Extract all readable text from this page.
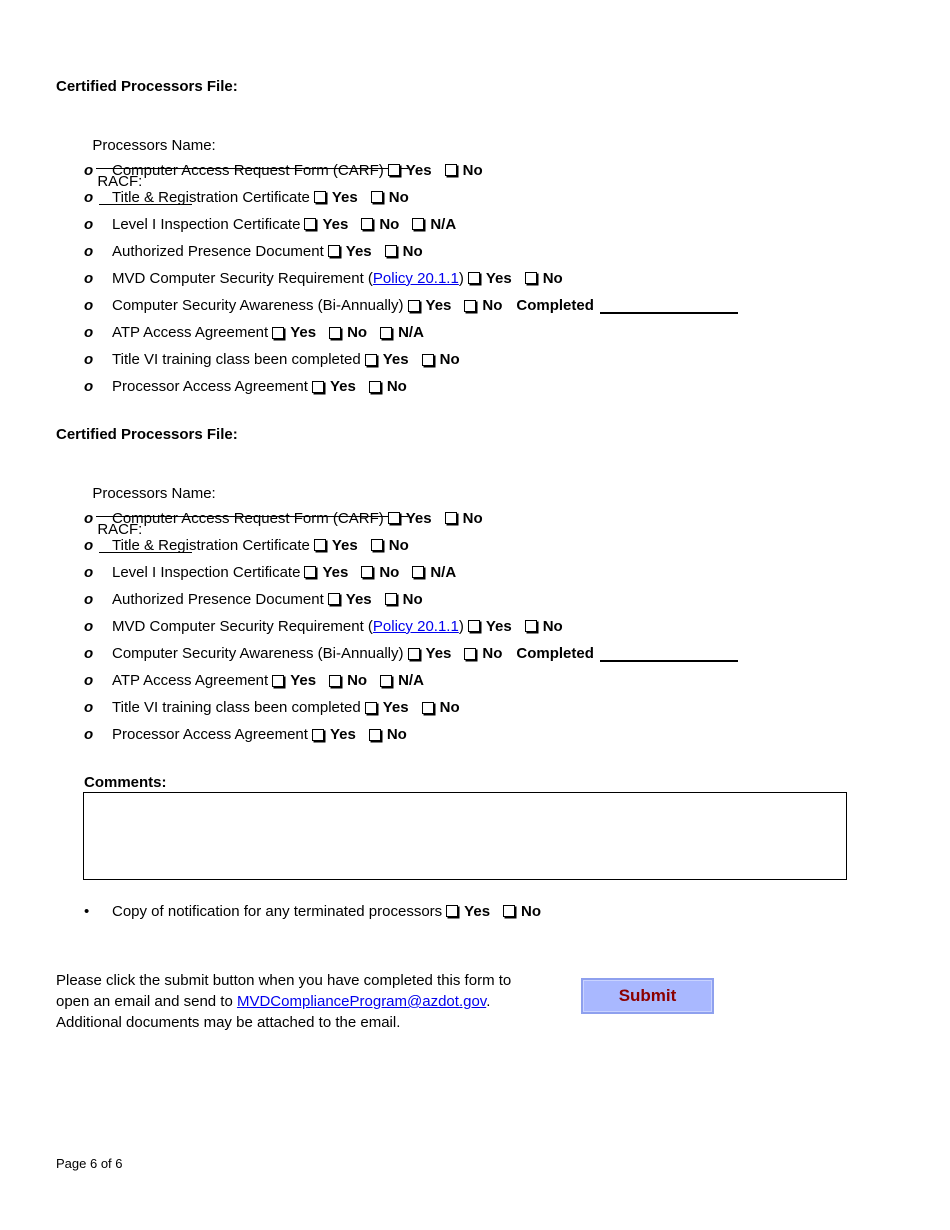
Certified Processors File:

Processors Name:

RACF:

o	Computer Access Request Form (CARF) Yes No
o	Title & Registration Certificate Yes No
o	Level I Inspection Certificate Yes No N/A
o	Authorized Presence Document Yes No
o	MVD Computer Security Requirement ( Policy 20.1.1 ) Yes No
o	Computer Security Awareness (Bi-Annually) Yes No Completed
o	ATP Access Agreement Yes No N/A
o	Title VI training class been completed Yes No
o	Processor Access Agreement Yes No
Certified Processors File:

Processors Name:

RACF:

o	Computer Access Request Form (CARF) Yes No
o	Title & Registration Certificate Yes No
o	Level I Inspection Certificate Yes No N/A
o	Authorized Presence Document Yes No
o	MVD Computer Security Requirement ( Policy 20.1.1 ) Yes No
o	Computer Security Awareness (Bi-Annually) Yes No Completed
o	ATP Access Agreement Yes No N/A
o	Title VI training class been completed Yes No
o	Processor Access Agreement Yes No
Comments:
•	Copy of notification for any terminated processors Yes No
Please click the submit button when you have completed this form to
open an email and send to MVDComplianceProgram@azdot.gov.
Additional documents may be attached to the email.
Submit
Page 6 of 6
